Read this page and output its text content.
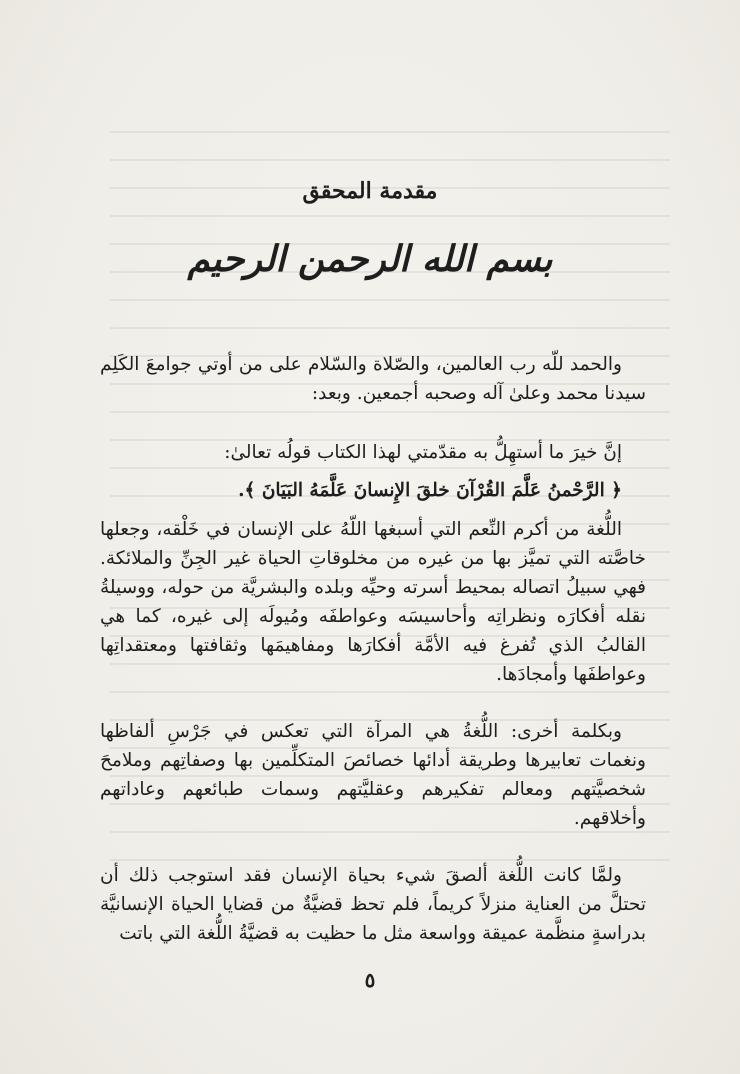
مقدمة المحقق
بسم الله الرحمن الرحيم

والحمد للّه رب العالمين، والصّلاة والسّلام على من أوتي جوامعَ الكَلِم سيدنا محمد وعلىٰ آله وصحبه أجمعين. وبعد:

إنَّ خيرَ ما أستهِلُّ به مقدّمتي لهذا الكتاب قولُه تعالىٰ:

﴿ الرَّحْمنُ عَلَّمَ القُرْآنَ خلقَ الإِنسانَ عَلَّمَهُ البَيَانَ ﴾.

اللُّغة من أكرم النِّعم التي أسبغها اللّهُ على الإنسان في خَلْقه، وجعلها خاصَّته التي تميَّز بها من غيره من مخلوقاتِ الحياة غير الجِنِّ والملائكة. فهي سبيلُ اتصاله بمحيط أسرته وحيِّه وبلده والبشريَّة من حوله، ووسيلةُ نقله أفكارَه ونظراتِه وأحاسيسَه وعواطفَه ومُيولَه إلى غيره، كما هي القالبُ الذي تُفرغ فيه الأمَّة أفكارَها ومفاهيمَها وثقافتها ومعتقداتِها وعواطفَها وأمجادَها.

وبكلمة أخرى: اللُّغةُ هي المرآة التي تعكس في جَرْسِ ألفاظها ونغمات تعابيرها وطريقة أدائها خصائصَ المتكلِّمين بها وصفاتِهم وملامحَ شخصيَّتهم ومعالم تفكيرهم وعقليَّتهم وسمات طبائعهم وعاداتهم وأخلاقهم.

ولمَّا كانت اللُّغة ألصقَ شيء بحياة الإنسان فقد استوجب ذلك أن تحتلَّ من العناية منزلاً كريماً، فلم تحظ قضيَّةٌ من قضايا الحياة الإنسانيَّة بدراسةٍ منظَّمة عميقة وواسعة مثل ما حظيت به قضيَّةُ اللُّغة التي باتت

٥
